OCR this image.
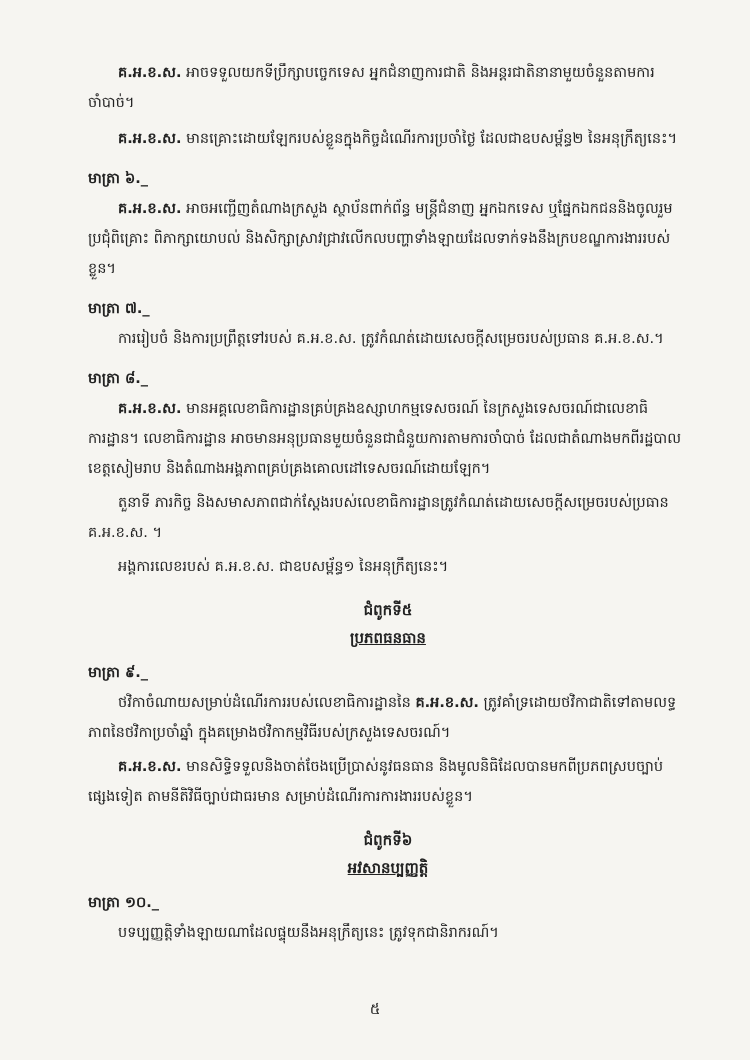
គ.អ.ខ.ស. អាចទទួលយកទីប្រឹក្សាបច្ចេកទេស អ្នកជំនាញការជាតិ និងអន្តរជាតិនានាមួយចំនួនតាមការចាំបាច់។

គ.អ.ខ.ស. មានគ្រោះដោយឡែករបស់ខ្លួនក្នុងកិច្ចដំណើរការប្រចាំថ្ងៃ ដែលជាឧបសម្ព័ន្ធ២ នៃអនុក្រឹត្យនេះ។

មាត្រា ៦._

គ.អ.ខ.ស. អាចអញ្ជើញតំណាងក្រសួង ស្ថាប័នពាក់ព័ន្ធ មន្ត្រីជំនាញ អ្នកឯកទេស ឬផ្នែកឯកជននិងចូលរួមប្រជុំពិគ្រោះ ពិភាក្សាយោបល់ និងសិក្សាស្រាវជ្រាវលើកលបញ្ហាទាំងឡាយដែលទាក់ទងនឹងក្របខណ្ឌការងាររបស់ខ្លួន។

មាត្រា ៧._

ការរៀបចំ និងការប្រព្រឹត្តទៅរបស់ គ.អ.ខ.ស. ត្រូវកំណត់ដោយសេចក្ដីសម្រេចរបស់ប្រធាន គ.អ.ខ.ស.។

មាត្រា ៨._

គ.អ.ខ.ស. មានអគ្គលេខាធិការដ្ឋានគ្រប់គ្រងឧស្សាហកម្មទេសចរណ៍ នៃក្រសួងទេសចរណ៍ជាលេខាធិការដ្ឋាន។ លេខាធិការដ្ឋាន អាចមានអនុប្រធានមួយចំនួនជាជំនួយការតាមការចាំបាច់ ដែលជាតំណាងមកពីរដ្ឋបាលខេត្តសៀមរាប និងតំណាងអង្គភាពគ្រប់គ្រងគោលដៅទេសចរណ៍ដោយឡែក។

តួនាទី ភារកិច្ច និងសមាសភាពជាក់ស្ដែងរបស់លេខាធិការដ្ឋានត្រូវកំណត់ដោយសេចក្ដីសម្រេចរបស់ប្រធាន គ.អ.ខ.ស. ។

អង្គការលេខរបស់ គ.អ.ខ.ស. ជាឧបសម្ព័ន្ធ១ នៃអនុក្រឹត្យនេះ។

ជំពូកទី៥
ប្រភពធនធាន
មាត្រា ៩._

ថវិកាចំណាយសម្រាប់ដំណើរការរបស់លេខាធិការដ្ឋាននៃ គ.អ.ខ.ស. ត្រូវគាំទ្រដោយថវិកាជាតិទៅតាមលទ្ធភាពនៃថវិកាប្រចាំឆ្នាំ ក្នុងគម្រោងថវិកាកម្មវិធីរបស់ក្រសួងទេសចរណ៍។

គ.អ.ខ.ស. មានសិទ្ធិទទួលនិងចាត់ចែងប្រើប្រាស់នូវធនធាន និងមូលនិធិដែលបានមកពីប្រភពស្របច្បាប់ផ្សេងទៀត តាមនីតិវិធីច្បាប់ជាធរមាន សម្រាប់ដំណើរការការងាររបស់ខ្លួន។

ជំពូកទី៦
អវសានប្បញ្ញត្តិ
មាត្រា ១០._

បទប្បញ្ញត្តិទាំងឡាយណាដែលផ្ទុយនឹងអនុក្រឹត្យនេះ ត្រូវទុកជានិរាករណ៍។

៥
